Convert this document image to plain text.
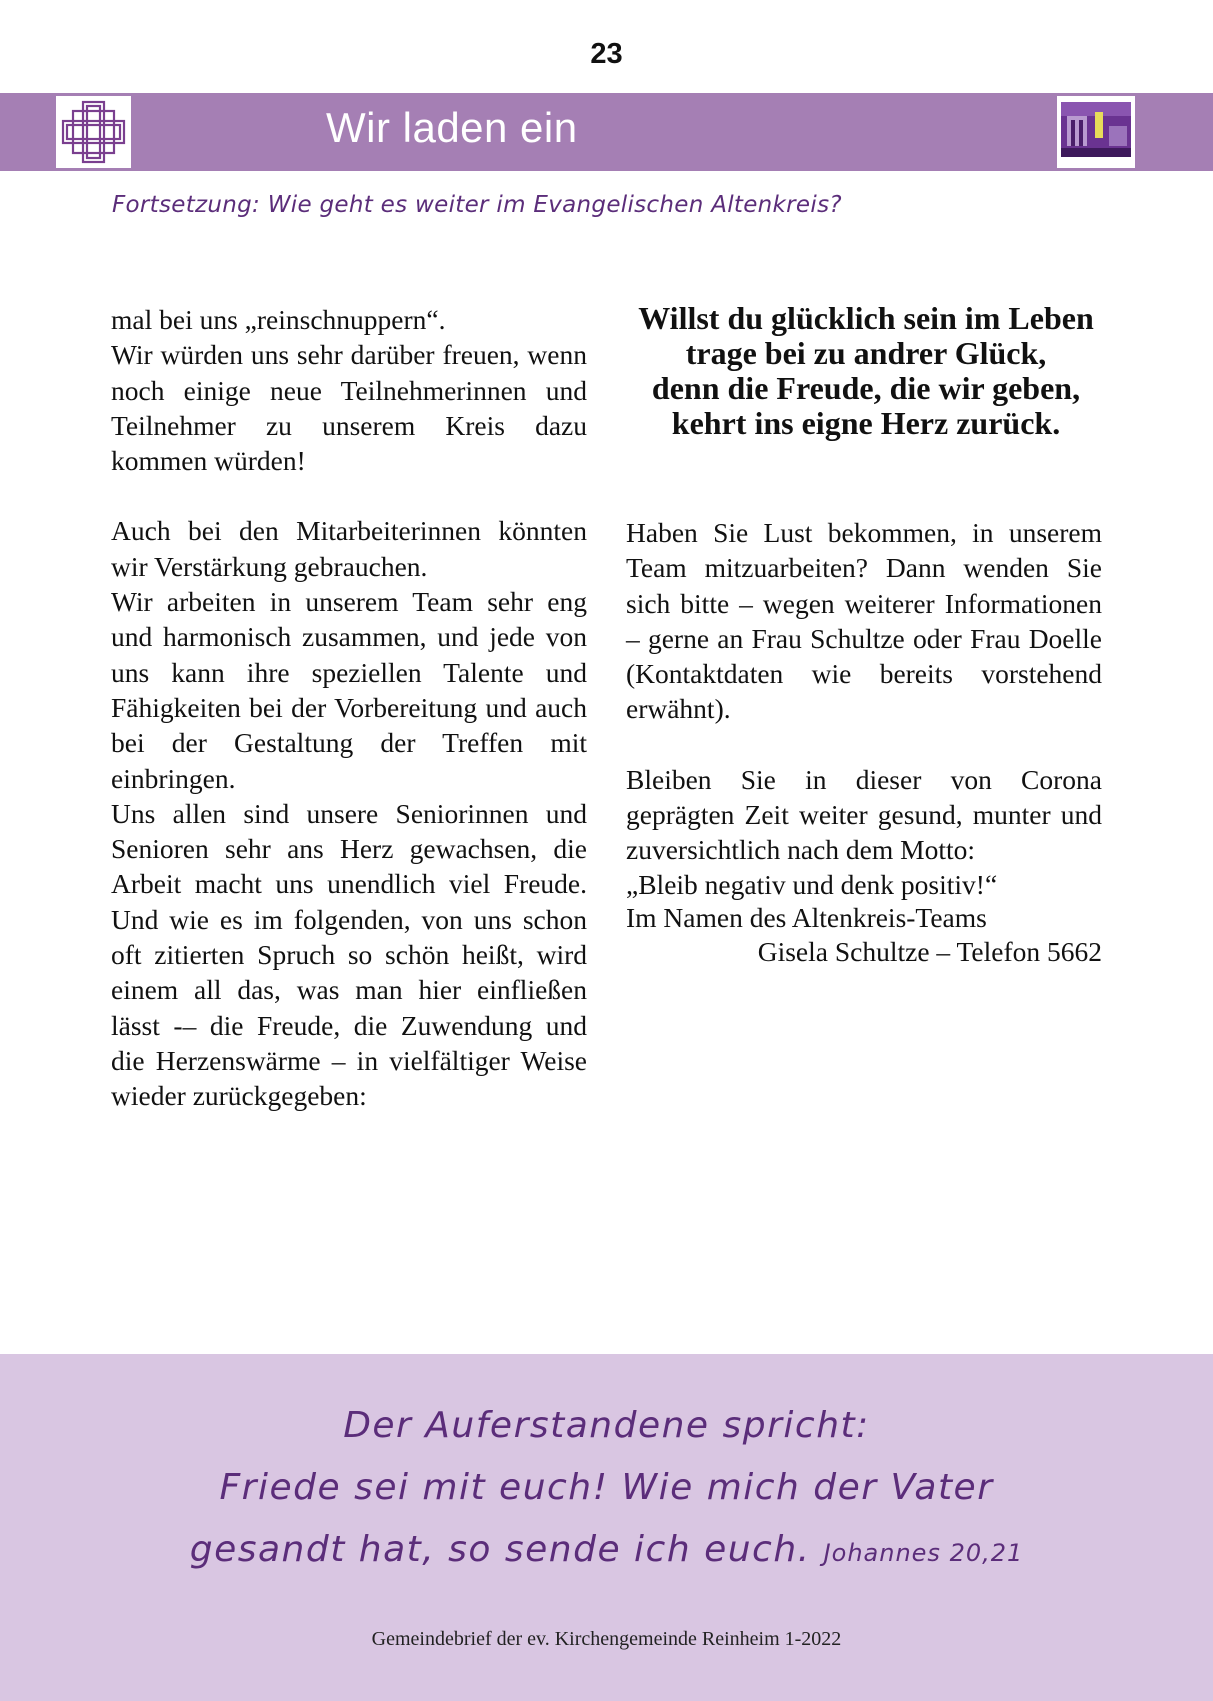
23
Wir laden ein
Fortsetzung: Wie geht es weiter im Evangelischen Altenkreis?

mal bei uns „reinschnuppern“.

Wir würden uns sehr darüber freuen, wenn noch einige neue Teilnehmerinnen und Teilnehmer zu unserem Kreis dazu kommen würden!

Auch bei den Mitarbeiterinnen könnten wir Verstärkung gebrauchen.

Wir arbeiten in unserem Team sehr eng und harmonisch zusammen, und jede von uns kann ihre speziellen Talente und Fähigkeiten bei der Vorbereitung und auch bei der Gestaltung der Treffen mit einbringen.

Uns allen sind unsere Seniorinnen und Senioren sehr ans Herz gewachsen, die Arbeit macht uns unendlich viel Freude. Und wie es im folgenden, von uns schon oft zitierten Spruch so schön heißt, wird einem all das, was man hier einfließen lässt -– die Freude, die Zuwendung und die Herzenswärme – in vielfältiger Weise wieder zurückgegeben:

Willst du glücklich sein im Leben
trage bei zu andrer Glück,
denn die Freude, die wir geben,
kehrt ins eigne Herz zurück.

Haben Sie Lust bekommen, in unserem Team mitzuarbeiten? Dann wenden Sie sich bitte – wegen weiterer Informationen – gerne an Frau Schultze oder Frau Doelle (Kontaktdaten wie bereits vorstehend erwähnt).

Bleiben Sie in dieser von Corona geprägten Zeit weiter gesund, munter und zuversichtlich nach dem Motto:

„Bleib negativ und denk positiv!“

Im Namen des Altenkreis-Teams

Gisela Schultze – Telefon 5662

Der Auferstandene spricht:
Friede sei mit euch! Wie mich der Vater
gesandt hat, so sende ich euch. Johannes 20,21
Gemeindebrief der ev. Kirchengemeinde Reinheim 1-2022
